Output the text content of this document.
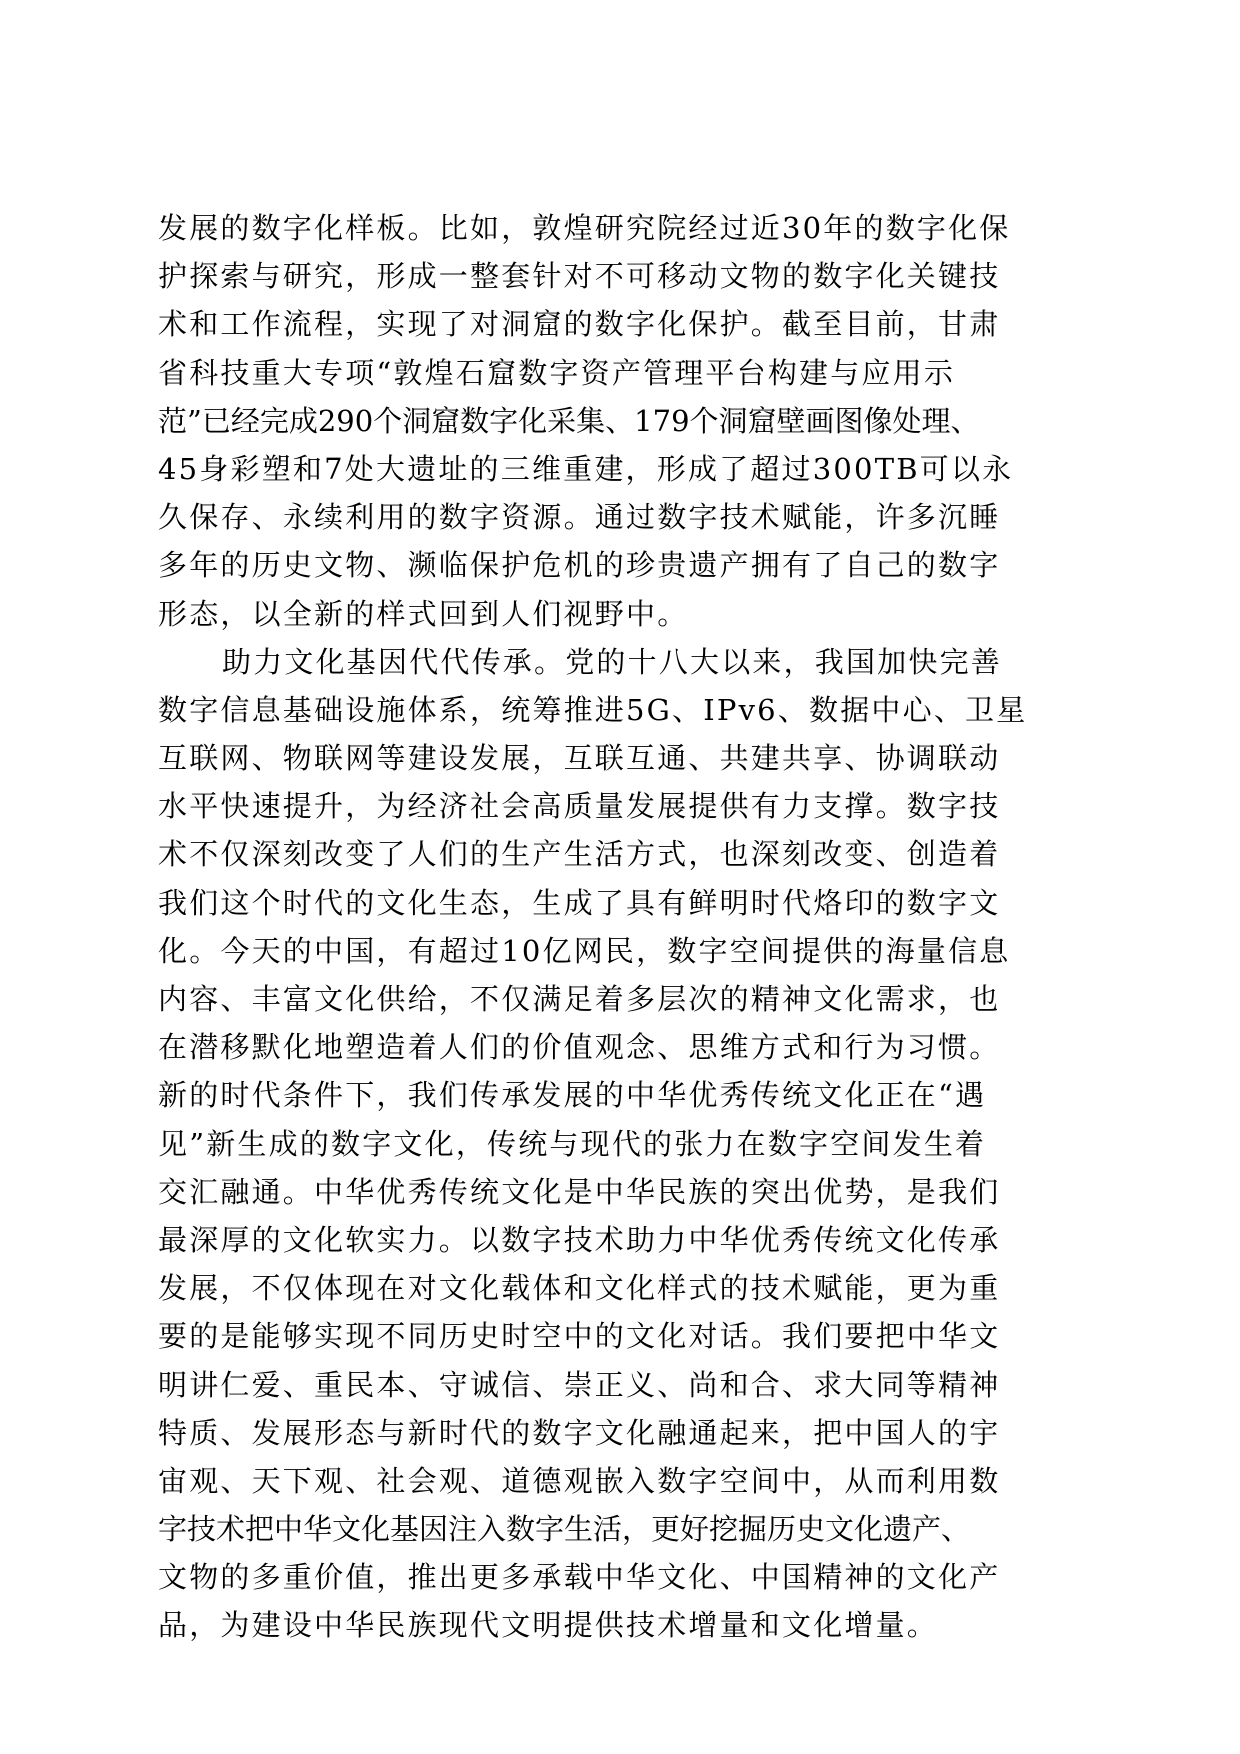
发展的数字化样板。比如，敦煌研究院经过近30年的数字化保
护探索与研究，形成一整套针对不可移动文物的数字化关键技
术和工作流程，实现了对洞窟的数字化保护。截至目前，甘肃
省科技重大专项“敦煌石窟数字资产管理平台构建与应用示
范”已经完成290个洞窟数字化采集、179个洞窟壁画图像处理、
45身彩塑和7处大遗址的三维重建，形成了超过300TB可以永
久保存、永续利用的数字资源。通过数字技术赋能，许多沉睡
多年的历史文物、濒临保护危机的珍贵遗产拥有了自己的数字
形态，以全新的样式回到人们视野中。
助力文化基因代代传承。党的十八大以来，我国加快完善
数字信息基础设施体系，统筹推进5G、IPv6、数据中心、卫星
互联网、物联网等建设发展，互联互通、共建共享、协调联动
水平快速提升，为经济社会高质量发展提供有力支撑。数字技
术不仅深刻改变了人们的生产生活方式，也深刻改变、创造着
我们这个时代的文化生态，生成了具有鲜明时代烙印的数字文
化。今天的中国，有超过10亿网民，数字空间提供的海量信息
内容、丰富文化供给，不仅满足着多层次的精神文化需求，也
在潜移默化地塑造着人们的价值观念、思维方式和行为习惯。
新的时代条件下，我们传承发展的中华优秀传统文化正在“遇
见”新生成的数字文化，传统与现代的张力在数字空间发生着
交汇融通。中华优秀传统文化是中华民族的突出优势，是我们
最深厚的文化软实力。以数字技术助力中华优秀传统文化传承
发展，不仅体现在对文化载体和文化样式的技术赋能，更为重
要的是能够实现不同历史时空中的文化对话。我们要把中华文
明讲仁爱、重民本、守诚信、崇正义、尚和合、求大同等精神
特质、发展形态与新时代的数字文化融通起来，把中国人的宇
宙观、天下观、社会观、道德观嵌入数字空间中，从而利用数
字技术把中华文化基因注入数字生活，更好挖掘历史文化遗产、
文物的多重价值，推出更多承载中华文化、中国精神的文化产
品，为建设中华民族现代文明提供技术增量和文化增量。
